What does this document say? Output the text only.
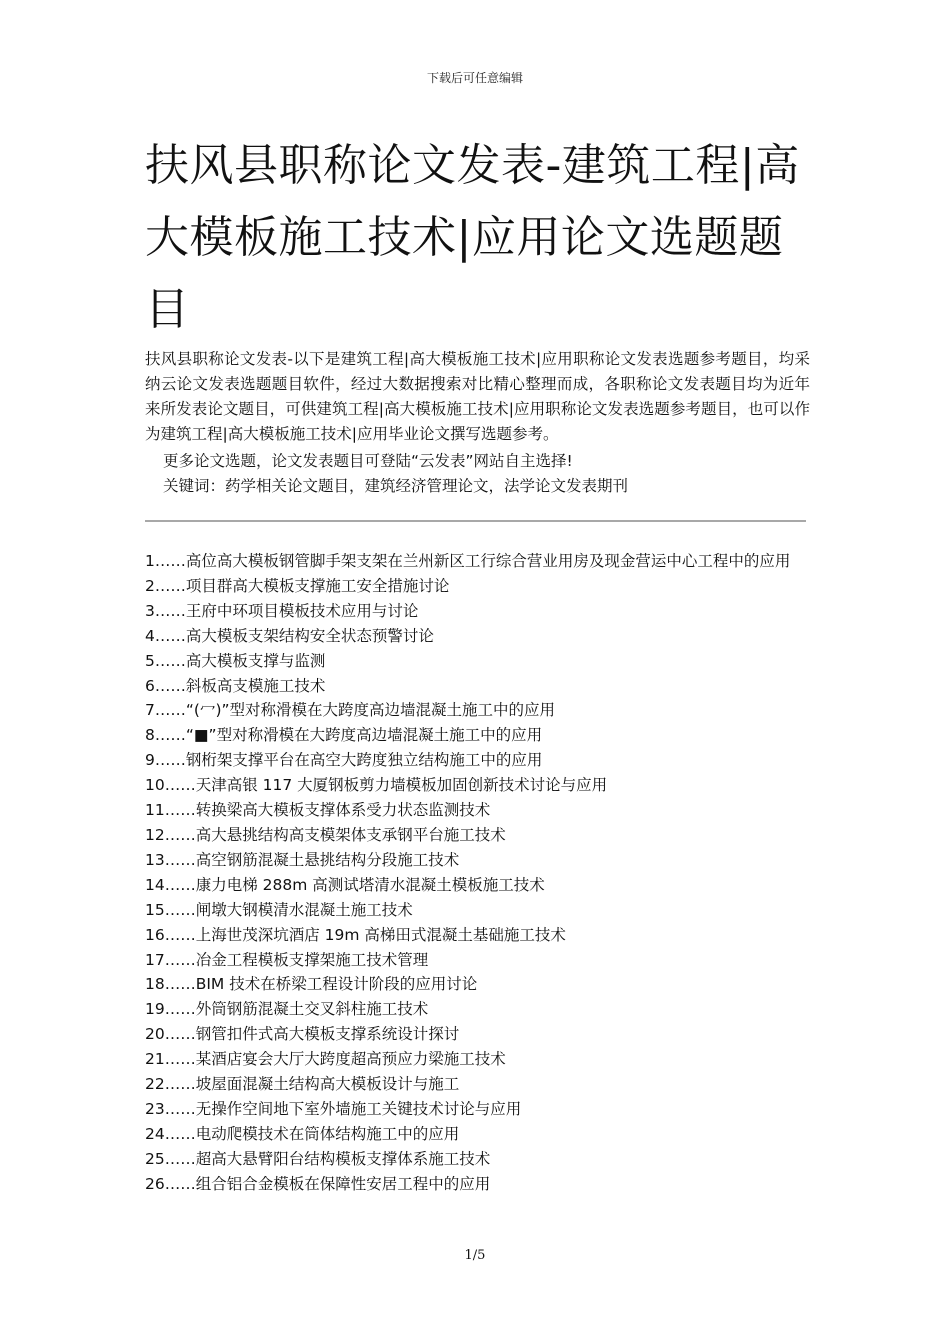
下载后可任意编辑
扶风县职称论文发表-建筑工程|高大模板施工技术|应用论文选题题目

扶风县职称论文发表-以下是建筑工程|高大模板施工技术|应用职称论文发表选题参考题目，均采纳云论文发表选题题目软件，经过大数据搜索对比精心整理而成，各职称论文发表题目均为近年来所发表论文题目，可供建筑工程|高大模板施工技术|应用职称论文发表选题参考题目，也可以作为建筑工程|高大模板施工技术|应用毕业论文撰写选题参考。

更多论文选题，论文发表题目可登陆“云发表”网站自主选择!

关键词：药学相关论文题目，建筑经济管理论文，法学论文发表期刊

1……高位高大模板钢管脚手架支架在兰州新区工行综合营业用房及现金营运中心工程中的应用
2……项目群高大模板支撑施工安全措施讨论
3……王府中环项目模板技术应用与讨论
4……高大模板支架结构安全状态预警讨论
5……高大模板支撑与监测
6……斜板高支模施工技术
7……“(冖)”型对称滑模在大跨度高边墙混凝土施工中的应用
8……“■”型对称滑模在大跨度高边墙混凝土施工中的应用
9……钢桁架支撑平台在高空大跨度独立结构施工中的应用
10……天津高银 117 大厦钢板剪力墙模板加固创新技术讨论与应用
11……转换梁高大模板支撑体系受力状态监测技术
12……高大悬挑结构高支模架体支承钢平台施工技术
13……高空钢筋混凝土悬挑结构分段施工技术
14……康力电梯 288m 高测试塔清水混凝土模板施工技术
15……闸墩大钢模清水混凝土施工技术
16……上海世茂深坑酒店 19m 高梯田式混凝土基础施工技术
17……冶金工程模板支撑架施工技术管理
18……BIM 技术在桥梁工程设计阶段的应用讨论
19……外筒钢筋混凝土交叉斜柱施工技术
20……钢管扣件式高大模板支撑系统设计探讨
21……某酒店宴会大厅大跨度超高预应力梁施工技术
22……坡屋面混凝土结构高大模板设计与施工
23……无操作空间地下室外墙施工关键技术讨论与应用
24……电动爬模技术在筒体结构施工中的应用
25……超高大悬臂阳台结构模板支撑体系施工技术
26……组合铝合金模板在保障性安居工程中的应用
1/5
